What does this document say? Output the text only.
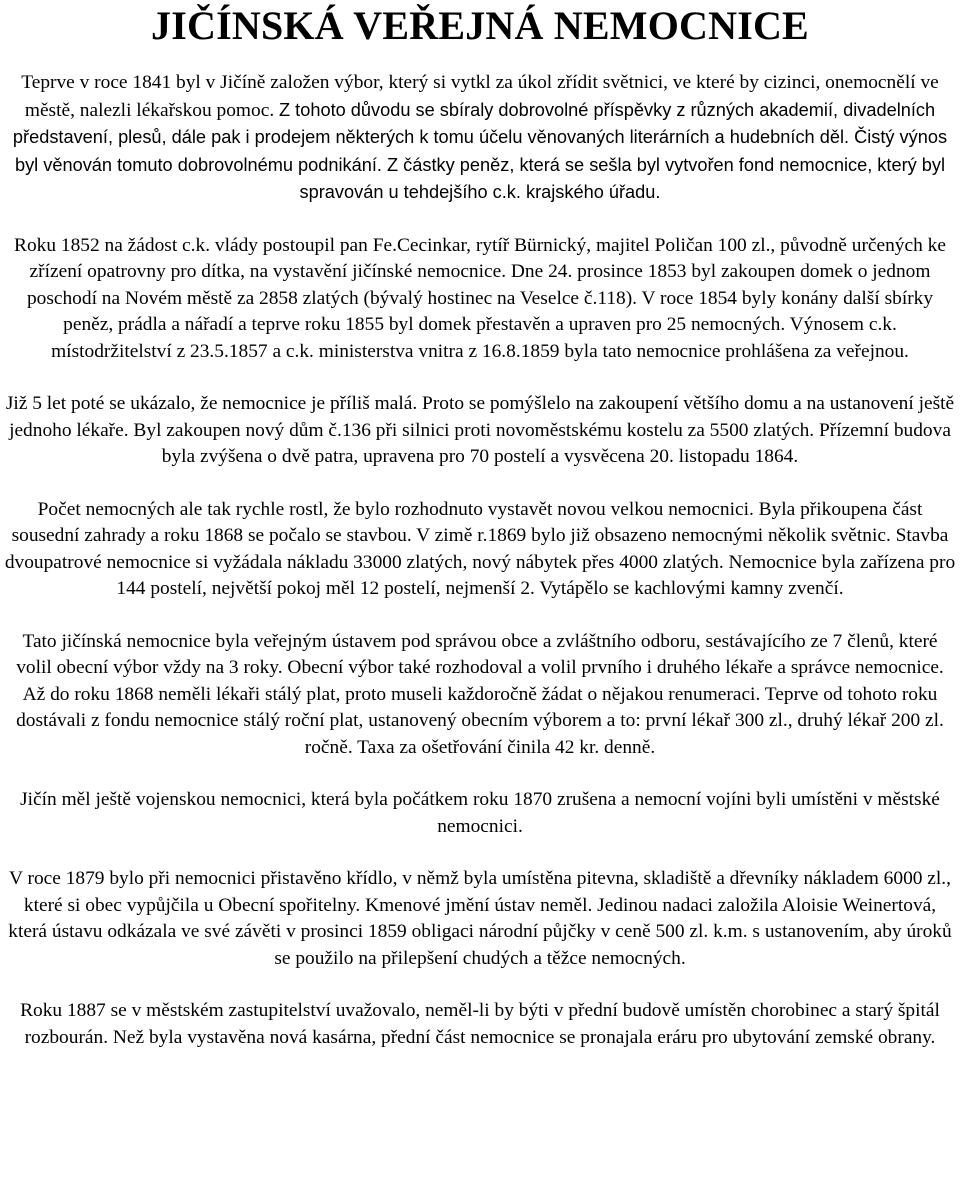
JIČÍNSKÁ VEŘEJNÁ NEMOCNICE

Teprve v roce 1841 byl v Jičíně založen výbor, který si vytkl za úkol zřídit světnici, ve které by cizinci, onemocnělí ve městě, nalezli lékařskou pomoc. Z tohoto důvodu se sbíraly dobrovolné příspěvky z různých akademií, divadelních představení, plesů, dále pak i prodejem některých k tomu účelu věnovaných literárních a hudebních děl. Čistý výnos byl věnován tomuto dobrovolnému podnikání. Z částky peněz, která se sešla byl vytvořen fond nemocnice, který byl spravován u tehdejšího c.k. krajského úřadu.

Roku 1852 na žádost c.k. vlády postoupil pan Fe.Cecinkar, rytíř Bürnický, majitel Poličan 100 zl., původně určených ke zřízení opatrovny pro dítka, na vystavění jičínské nemocnice. Dne 24. prosince 1853 byl zakoupen domek o jednom poschodí na Novém městě za 2858 zlatých (bývalý hostinec na Veselce č.118). V roce 1854 byly konány další sbírky peněz, prádla a nářadí a teprve roku 1855 byl domek přestavěn a upraven pro 25 nemocných. Výnosem c.k. místodržitelství z 23.5.1857 a c.k. ministerstva vnitra z 16.8.1859 byla tato nemocnice prohlášena za veřejnou.

Již 5 let poté se ukázalo, že nemocnice je příliš malá. Proto se pomýšlelo na zakoupení většího domu a na ustanovení ještě jednoho lékaře. Byl zakoupen nový dům č.136 při silnici proti novoměstskému kostelu za 5500 zlatých. Přízemní budova byla zvýšena o dvě patra, upravena pro 70 postelí a vysvěcena 20. listopadu 1864.

Počet nemocných ale tak rychle rostl, že bylo rozhodnuto vystavět novou velkou nemocnici. Byla přikoupena část sousední zahrady a roku 1868 se počalo se stavbou. V zimě r.1869 bylo již obsazeno nemocnými několik světnic. Stavba dvoupatrové nemocnice si vyžádala nákladu 33000 zlatých, nový nábytek přes 4000 zlatých. Nemocnice byla zařízena pro 144 postelí, největší pokoj měl 12 postelí, nejmenší 2. Vytápělo se kachlovými kamny zvenčí.

Tato jičínská nemocnice byla veřejným ústavem pod správou obce a zvláštního odboru, sestávajícího ze 7 členů, které volil obecní výbor vždy na 3 roky. Obecní výbor také rozhodoval a volil prvního i druhého lékaře a správce nemocnice. Až do roku 1868 neměli lékaři stálý plat, proto museli každoročně žádat o nějakou renumeraci. Teprve od tohoto roku dostávali z fondu nemocnice stálý roční plat, ustanovený obecním výborem a to: první lékař 300 zl., druhý lékař 200 zl. ročně. Taxa za ošetřování činila 42 kr. denně.

Jičín měl ještě vojenskou nemocnici, která byla počátkem roku 1870 zrušena a nemocní vojíni byli umístěni v městské nemocnici.

V roce 1879 bylo při nemocnici přistavěno křídlo, v němž byla umístěna pitevna, skladiště a dřevníky nákladem 6000 zl., které si obec vypůjčila u Obecní spořitelny. Kmenové jmění ústav neměl. Jedinou nadaci založila Aloisie Weinertová, která ústavu odkázala ve své závěti v prosinci 1859 obligaci národní půjčky v ceně 500 zl. k.m. s ustanovením, aby úroků se použilo na přilepšení chudých a těžce nemocných.

Roku 1887 se v městském zastupitelství uvažovalo, neměl-li by býti v přední budově umístěn chorobinec a starý špitál rozbourán. Než byla vystavěna nová kasárna, přední část nemocnice se pronajala eráru pro ubytování zemské obrany.
